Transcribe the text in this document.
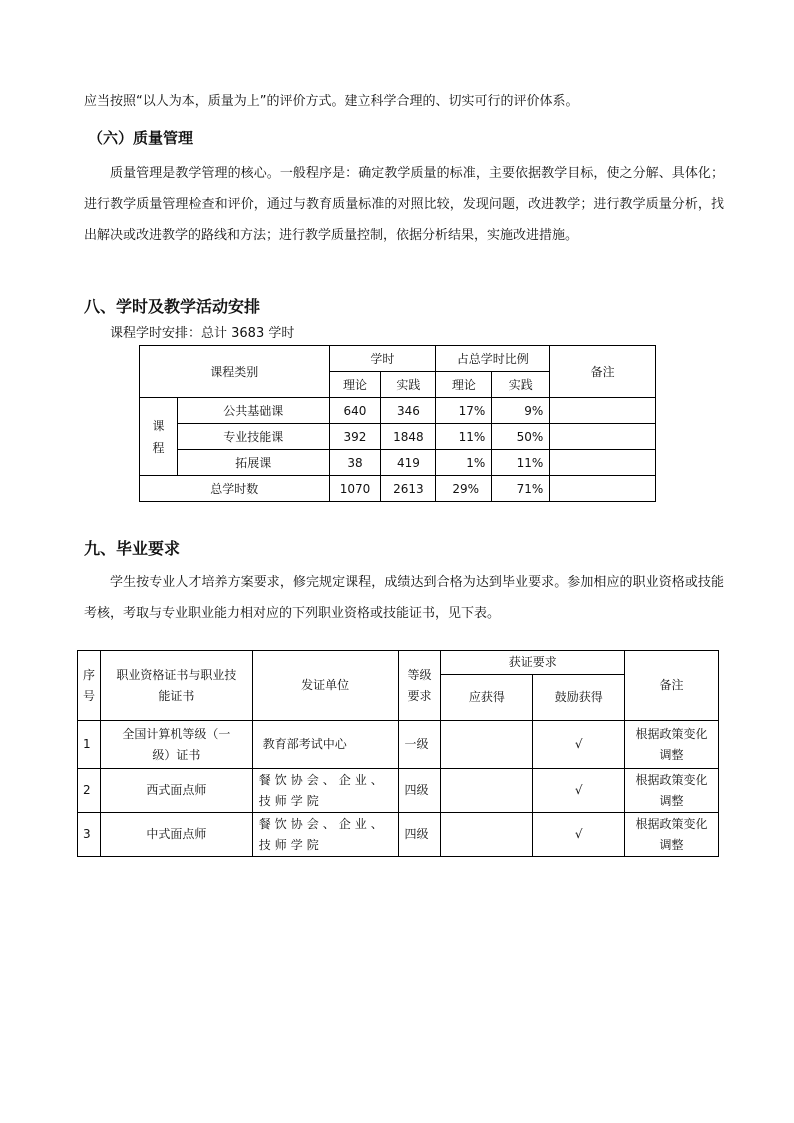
应当按照“以人为本，质量为上”的评价方式。建立科学合理的、切实可行的评价体系。

（六）质量管理

质量管理是教学管理的核心。一般程序是：确定教学质量的标准，主要依据教学目标，使之分解、具体化；进行教学质量管理检查和评价，通过与教育质量标准的对照比较，发现问题，改进教学；进行教学质量分析，找出解决或改进教学的路线和方法；进行教学质量控制，依据分析结果，实施改进措施。

八、学时及教学活动安排

课程学时安排：总计 3683 学时

课程类别		学时		占总学时比例		备注
		理论	实践	理论	实践	
课程	公共基础课	640	346	17%	9%	
	专业技能课	392	1848	11%	50%	
	拓展课	38	419	1%	11%	
总学时数		1070	2613	29%	71%	
九、毕业要求

学生按专业人才培养方案要求，修完规定课程，成绩达到合格为达到毕业要求。参加相应的职业资格或技能考核，考取与专业职业能力相对应的下列职业资格或技能证书，见下表。

序号	职业资格证书与职业技能证书	发证单位	等级要求	获证要求		备注
				应获得	鼓励获得	
1	全国计算机等级（一级）证书	教育部考试中心	一级		√	根据政策变化调整
2	西式面点师	餐饮协会、企业、技师学院	四级		√	根据政策变化调整
3	中式面点师	餐饮协会、企业、技师学院	四级		√	根据政策变化调整
